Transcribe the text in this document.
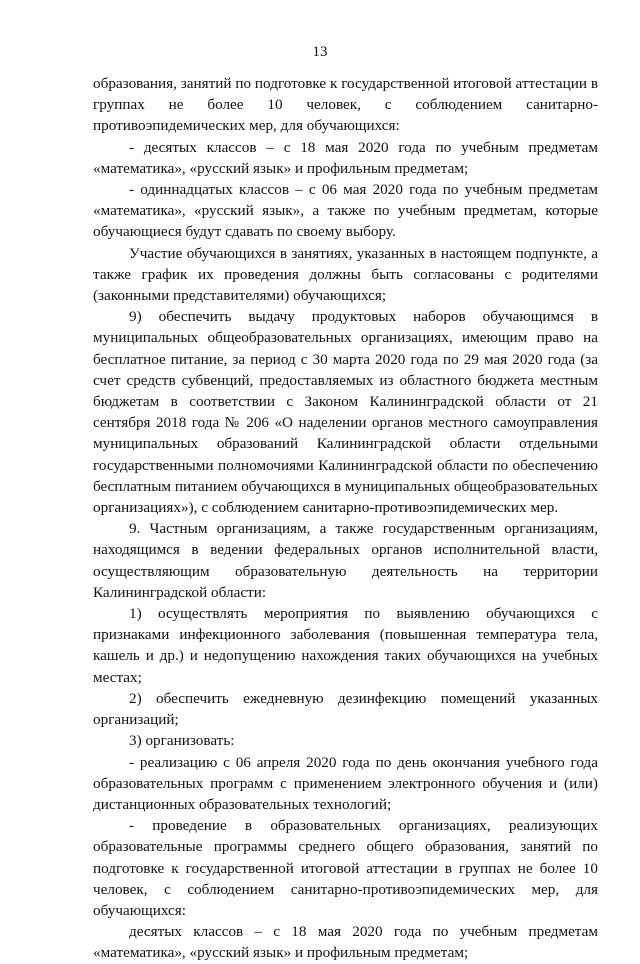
13

образования, занятий по подготовке к государственной итоговой аттестации в группах не более 10 человек, с соблюдением санитарно-противоэпидемических мер, для обучающихся:

- десятых классов – с 18 мая 2020 года по учебным предметам «математика», «русский язык» и профильным предметам;

- одиннадцатых классов – с 06 мая 2020 года по учебным предметам «математика», «русский язык», а также по учебным предметам, которые обучающиеся будут сдавать по своему выбору.

Участие обучающихся в занятиях, указанных в настоящем подпункте, а также график их проведения должны быть согласованы с родителями (законными представителями) обучающихся;

9) обеспечить выдачу продуктовых наборов обучающимся в муниципальных общеобразовательных организациях, имеющим право на бесплатное питание, за период с 30 марта 2020 года по 29 мая 2020 года (за счет средств субвенций, предоставляемых из областного бюджета местным бюджетам в соответствии с Законом Калининградской области от 21 сентября 2018 года № 206 «О наделении органов местного самоуправления муниципальных образований Калининградской области отдельными государственными полномочиями Калининградской области по обеспечению бесплатным питанием обучающихся в муниципальных общеобразовательных организациях»), с соблюдением санитарно-противоэпидемических мер.

9. Частным организациям, а также государственным организациям, находящимся в ведении федеральных органов исполнительной власти, осуществляющим образовательную деятельность на территории Калининградской области:

1) осуществлять мероприятия по выявлению обучающихся с признаками инфекционного заболевания (повышенная температура тела, кашель и др.) и недопущению нахождения таких обучающихся на учебных местах;

2) обеспечить ежедневную дезинфекцию помещений указанных организаций;

3) организовать:

- реализацию с 06 апреля 2020 года по день окончания учебного года образовательных программ с применением электронного обучения и (или) дистанционных образовательных технологий;

- проведение в образовательных организациях, реализующих образовательные программы среднего общего образования, занятий по подготовке к государственной итоговой аттестации в группах не более 10 человек, с соблюдением санитарно-противоэпидемических мер, для обучающихся:

десятых классов – с 18 мая 2020 года по учебным предметам «математика», «русский язык» и профильным предметам;
